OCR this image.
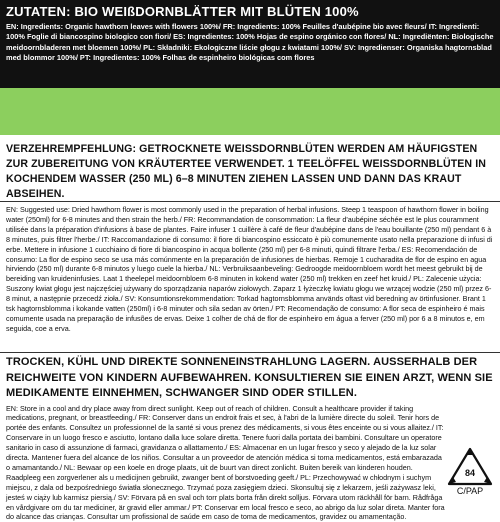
ZUTATEN: BIO WEIßDORNBLÄTTER MIT BLÜTEN 100%
EN: Ingredients: Organic hawthorn leaves with flowers 100%/ FR: Ingredients: 100% Feuilles d'aubépine bio avec fleurs/ IT: Ingredienti: 100% Foglie di biancospino biologico con fiori/ ES: Ingredientes: 100% Hojas de espino orgánico con flores/ NL: Ingrediënten: Biologische meidoornbladeren met bloemen 100%/ PL: Składniki: Ekologiczne liście głogu z kwiatami 100%/ SV: Ingredienser: Organiska hagtornsblad med blommor 100%/ PT: Ingredientes: 100% Folhas de espinheiro biológicas com flores
VERZEHREMPFEHLUNG: GETROCKNETE WEISSDORNBLÜTEN WERDEN AM HÄUFIGSTEN ZUR ZUBEREITUNG VON KRÄUTERTEE VERWENDET. 1 TEELÖFFEL WEISSDORNBLÜTEN IN KOCHENDEM WASSER (250 ML) 6–8 MINUTEN ZIEHEN LASSEN UND DANN DAS KRAUT ABSEIHEN.
EN: Suggested use: Dried hawthorn flower is most commonly used in the preparation of herbal infusions. Steep 1 teaspoon of hawthorn flower in boiling water (250ml) for 6-8 minutes and then strain the herb./ FR: Recommandation de consommation: La fleur d'aubépine séchée est le plus couramment utilisée dans la préparation d'infusions à base de plantes. Faire infuser 1 cuillère à café de fleur d'aubépine dans de l'eau bouillante (250 ml) pendant 6 à 8 minutes, puis filtrer l'herbe./ IT: Raccomandazione di consumo: il fiore di biancospino essiccato è più comunemente usato nella preparazione di infusi di erbe. Mettere in infusione 1 cucchiaino di fiore di biancospino in acqua bollente (250 ml) per 6-8 minuti, quindi filtrare l'erba./ ES: Recomendación de consumo: La flor de espino seco se usa más comúnmente en la preparación de infusiones de hierbas. Remoje 1 cucharadita de flor de espino en agua hirviendo (250 ml) durante 6-8 minutos y luego cuele la hierba./ NL: Verbruiksaanbeveling: Gedroogde meidoornbloem wordt het meest gebruikt bij de bereiding van kruideninfusies. Laat 1 theelepel meidoornbloem 6-8 minuten in kokend water (250 ml) trekken en zeef het kruid./ PL: Zalecenie użycia: Suszony kwiat głogu jest najczęściej używany do sporządzania naparów ziołowych. Zaparz 1 łyżeczkę kwiatu głogu we wrzącej wodzie (250 ml) przez 6-8 minut, a następnie przecedź zioła./ SV: Konsumtionsrekommendation: Torkad hagtornsblomma används oftast vid beredning av örtinfusioner. Brant 1 tsk hagtornsblomma i kokande vatten (250ml) i 6-8 minuter och sila sedan av örten./ PT: Recomendação de consumo: A flor seca de espinheiro é mais comumente usada na preparação de infusões de ervas. Deixe 1 colher de chá de flor de espinheiro em água a ferver (250 ml) por 6 a 8 minutos e, em seguida, coe a erva.
TROCKEN, KÜHL UND DIREKTE SONNENEINSTRAHLUNG LAGERN. AUSSERHALB DER REICHWEITE VON KINDERN AUFBEWAHREN. KONSULTIEREN SIE EINEN ARZT, WENN SIE MEDIKAMENTE EINNEHMEN, SCHWANGER SIND ODER STILLEN.
EN: Store in a cool and dry place away from direct sunlight. Keep out of reach of children. Consult a healthcare provider if taking medications, pregnant, or breastfeeding./ FR: Conserver dans un endroit frais et sec, à l'abri de la lumière directe du soleil. Tenir hors de portée des enfants. Consultez un professionnel de la santé si vous prenez des médicaments, si vous êtes enceinte ou si vous allaitez./ IT: Conservare in un luogo fresco e asciutto, lontano dalla luce solare diretta. Tenere fuori dalla portata dei bambini. Consultare un operatore sanitario in caso di assunzione di farmaci, gravidanza o allattamento./ ES: Almacenar en un lugar fresco y seco y alejado de la luz solar directa. Mantener fuera del alcance de los niños. Consultar a un proveedor de atención médica si toma medicamentos, está embarazada o amamantando./ NL: Bewaar op een koele en droge plaats, uit de buurt van direct zonlicht. Buiten bereik van kinderen houden. Raadpleeg een zorgverlener als u medicijnen gebruikt, zwanger bent of borstvoeding geeft./ PL: Przechowywać w chłodnym i suchym miejscu, z dala od bezpośredniego światła słonecznego. Trzymać poza zasięgiem dzieci. Skonsultuj się z lekarzem, jeśli zażywasz leki, jesteś w ciąży lub karmisz piersią./ SV: Förvara på en sval och torr plats borta från direkt solljus. Förvara utom räckhåll för barn. Rådfråga en vårdgivare om du tar mediciner, är gravid eller ammar./ PT: Conservar em local fresco e seco, ao abrigo da luz solar direta. Manter fora do alcance das crianças. Consultar um profissional de saúde em caso de toma de medicamentos, gravidez ou amamentação.
84
C/PAP
